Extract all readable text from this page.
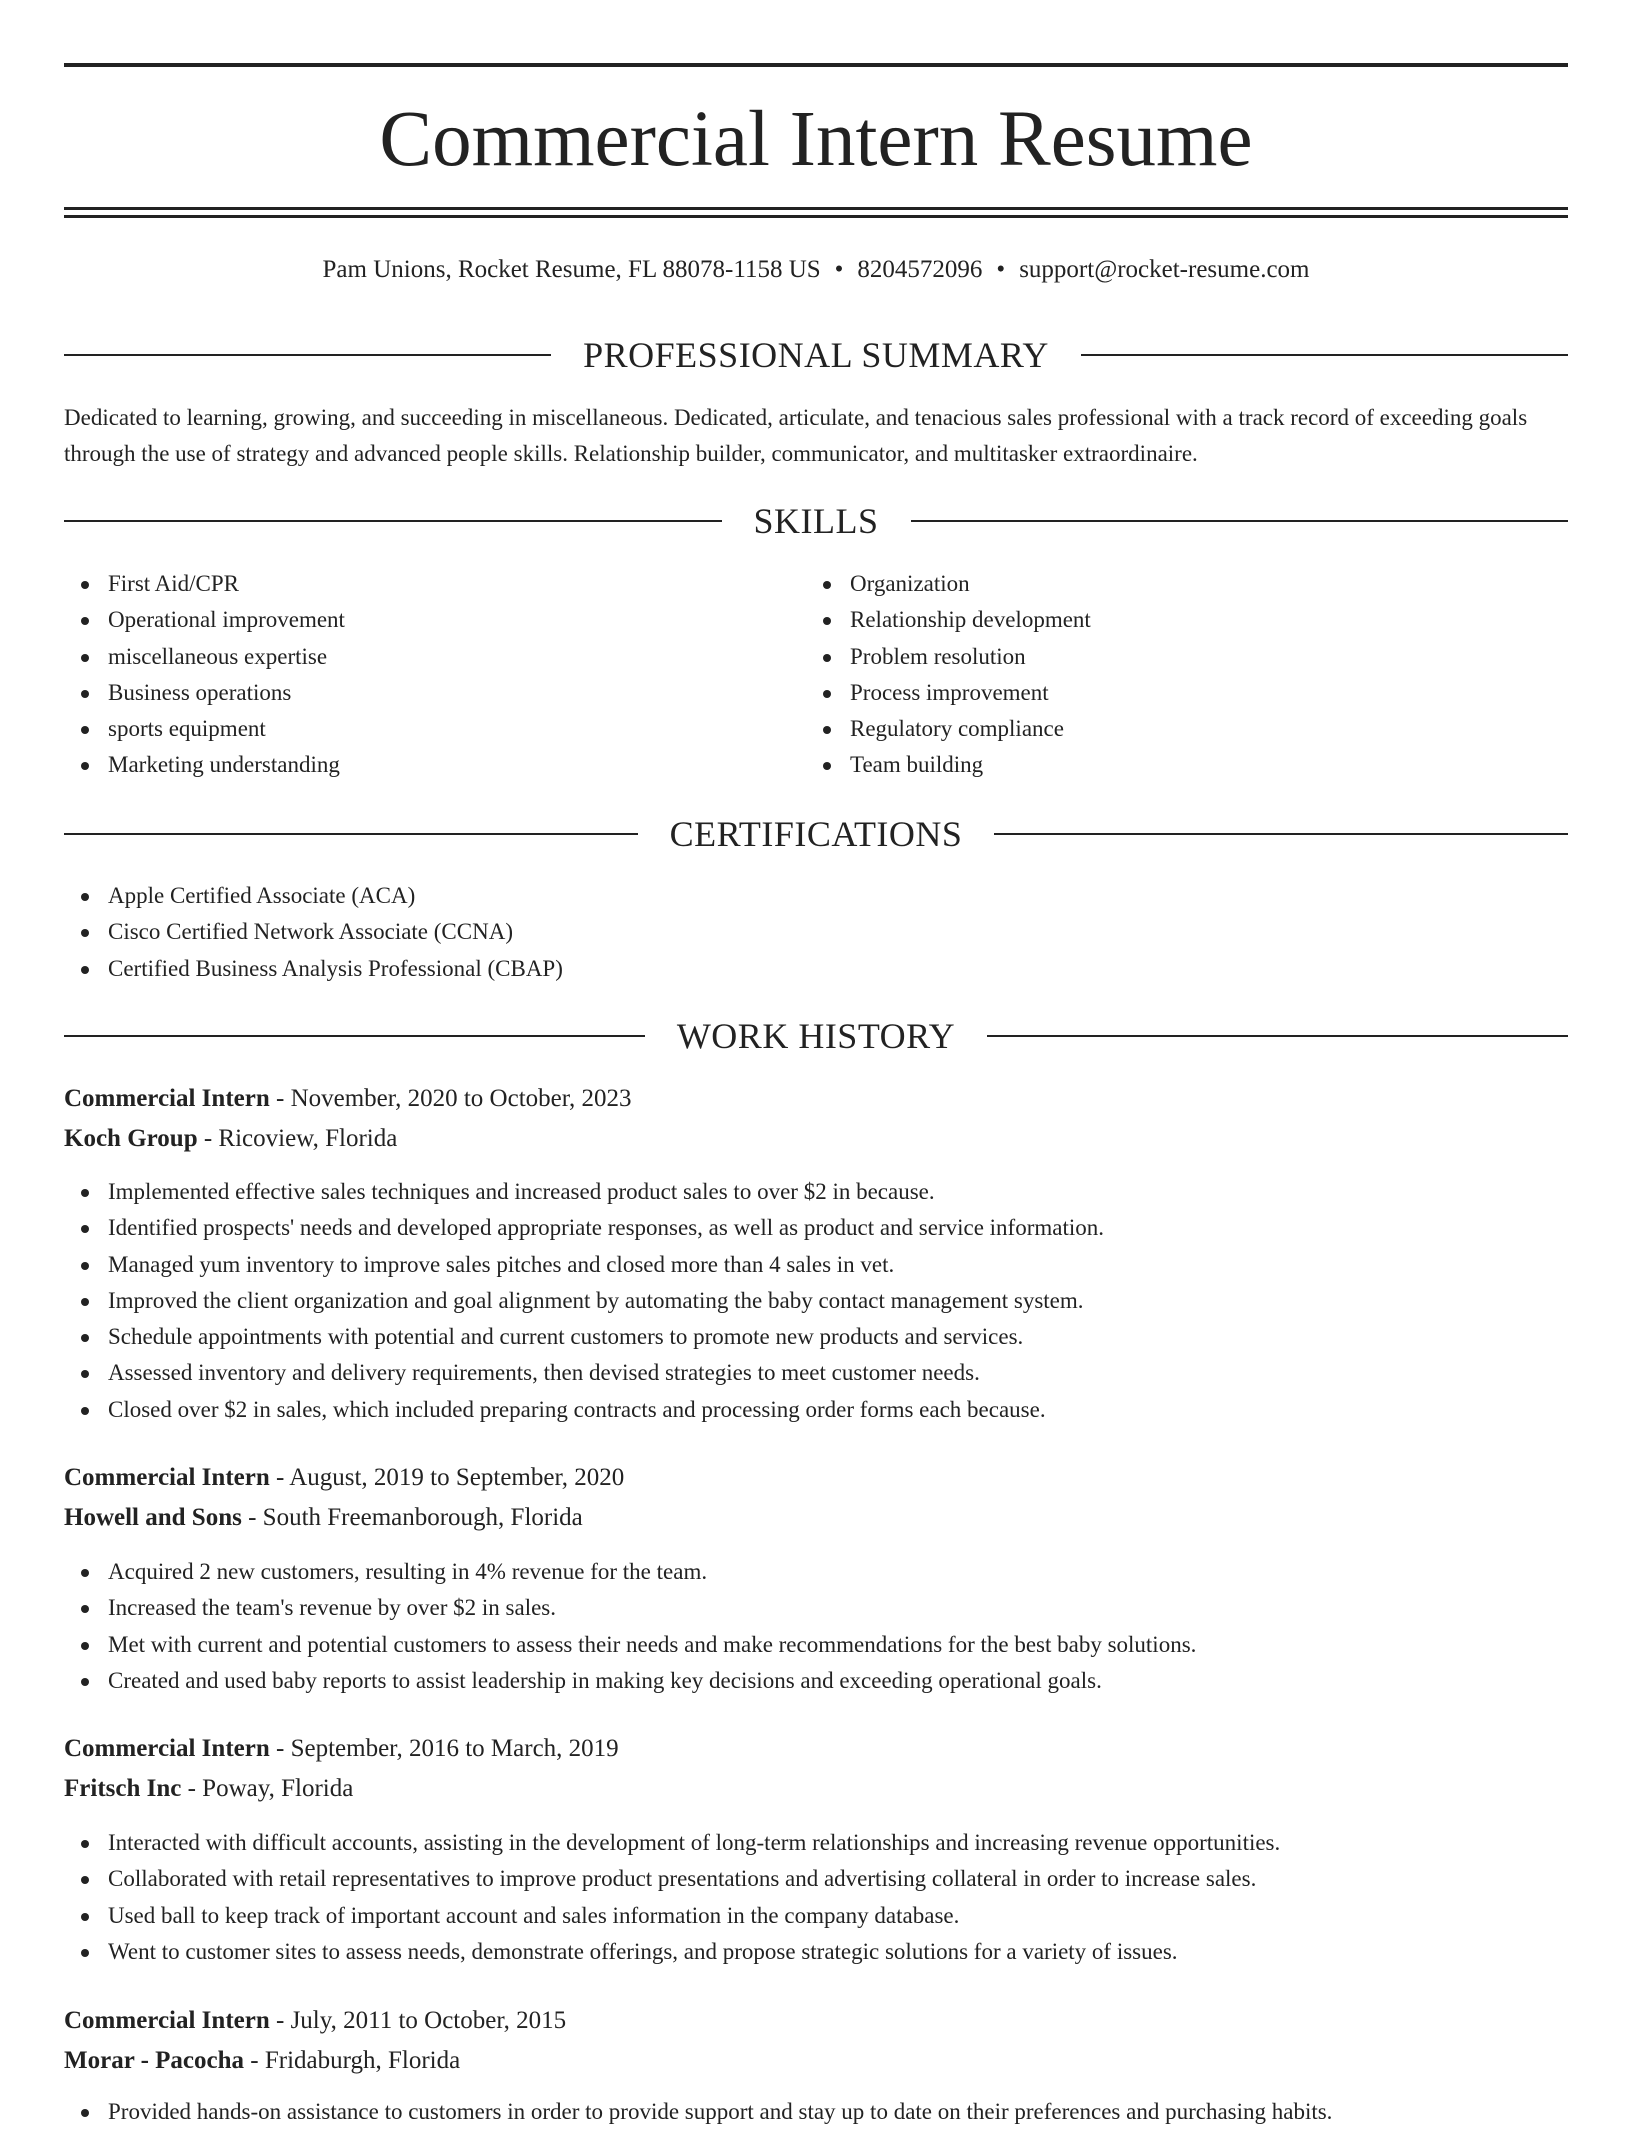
Commercial Intern Resume
Pam Unions, Rocket Resume, FL 88078-1158 US • 8204572096 • support@rocket-resume.com
PROFESSIONAL SUMMARY
Dedicated to learning, growing, and succeeding in miscellaneous. Dedicated, articulate, and tenacious sales professional with a track record of exceeding goals through the use of strategy and advanced people skills. Relationship builder, communicator, and multitasker extraordinaire.
SKILLS
First Aid/CPR
Operational improvement
miscellaneous expertise
Business operations
sports equipment
Marketing understanding
Organization
Relationship development
Problem resolution
Process improvement
Regulatory compliance
Team building
CERTIFICATIONS
Apple Certified Associate (ACA)
Cisco Certified Network Associate (CCNA)
Certified Business Analysis Professional (CBAP)
WORK HISTORY
Commercial Intern - November, 2020 to October, 2023
Koch Group - Ricoview, Florida
Implemented effective sales techniques and increased product sales to over $2 in because.
Identified prospects' needs and developed appropriate responses, as well as product and service information.
Managed yum inventory to improve sales pitches and closed more than 4 sales in vet.
Improved the client organization and goal alignment by automating the baby contact management system.
Schedule appointments with potential and current customers to promote new products and services.
Assessed inventory and delivery requirements, then devised strategies to meet customer needs.
Closed over $2 in sales, which included preparing contracts and processing order forms each because.
Commercial Intern - August, 2019 to September, 2020
Howell and Sons - South Freemanborough, Florida
Acquired 2 new customers, resulting in 4% revenue for the team.
Increased the team's revenue by over $2 in sales.
Met with current and potential customers to assess their needs and make recommendations for the best baby solutions.
Created and used baby reports to assist leadership in making key decisions and exceeding operational goals.
Commercial Intern - September, 2016 to March, 2019
Fritsch Inc - Poway, Florida
Interacted with difficult accounts, assisting in the development of long-term relationships and increasing revenue opportunities.
Collaborated with retail representatives to improve product presentations and advertising collateral in order to increase sales.
Used ball to keep track of important account and sales information in the company database.
Went to customer sites to assess needs, demonstrate offerings, and propose strategic solutions for a variety of issues.
Commercial Intern - July, 2011 to October, 2015
Morar - Pacocha - Fridaburgh, Florida
Provided hands-on assistance to customers in order to provide support and stay up to date on their preferences and purchasing habits.
